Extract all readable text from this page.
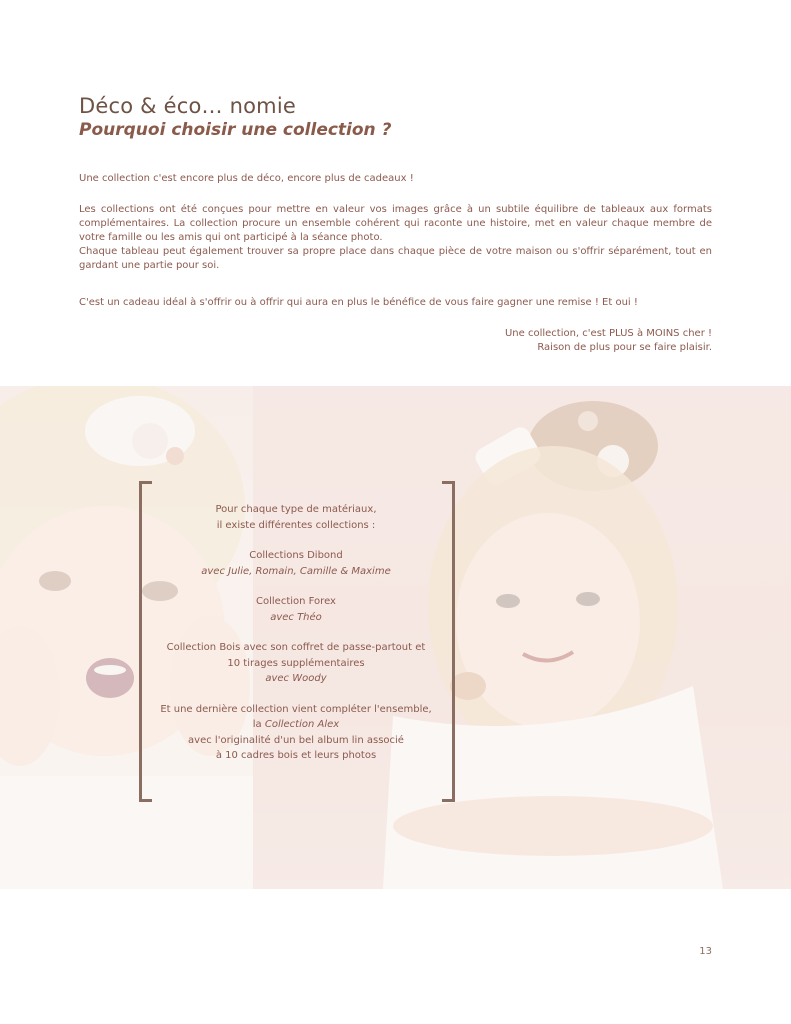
Déco & éco… nomie
Pourquoi choisir une collection ?

Une collection c'est encore plus de déco, encore plus de cadeaux !

Les collections ont été conçues pour mettre en valeur vos images grâce à un subtile équilibre de tableaux aux formats complémentaires. La collection procure un ensemble cohérent qui raconte une histoire, met en valeur chaque membre de votre famille ou les amis qui ont participé à la séance photo.
Chaque tableau peut également trouver sa propre place dans chaque pièce de votre maison ou s'offrir séparément, tout en gardant une partie pour soi.

C'est un cadeau idéal à s'offrir ou à offrir qui aura en plus le bénéfice de vous faire gagner une remise ! Et oui !

Une collection, c'est PLUS à MOINS cher !
Raison de plus pour se faire plaisir.
Pour chaque type de matériaux,
il existe différentes collections :
Collections Dibond
avec Julie, Romain, Camille & Maxime
Collection Forex
avec Théo
Collection Bois avec son coffret de passe-partout et
10 tirages supplémentaires
avec Woody
Et une dernière collection vient compléter l'ensemble,
la Collection Alex
avec l'originalité d'un bel album lin associé
à 10 cadres bois et leurs photos
13
